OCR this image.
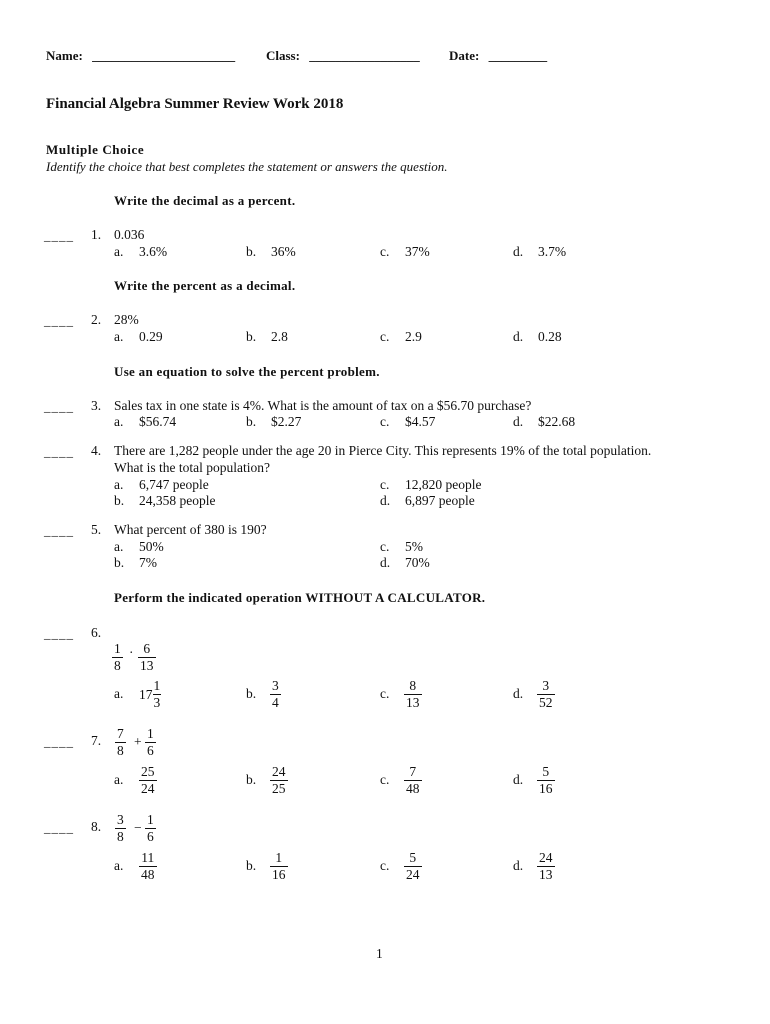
Name: ______________________ Class: _________________ Date: _________
Financial Algebra Summer Review Work 2018
Multiple Choice
Identify the choice that best completes the statement or answers the question.
Write the decimal as a percent.
____ 1. 0.036
a. 3.6%	b. 36%	c. 37%	d. 3.7%
Write the percent as a decimal.
____ 2. 28%
a. 0.29	b. 2.8	c. 2.9	d. 0.28
Use an equation to solve the percent problem.
____ 3. Sales tax in one state is 4%. What is the amount of tax on a $56.70 purchase?
a. $56.74	b. $2.27	c. $4.57	d. $22.68
____ 4. There are 1,282 people under the age 20 in Pierce City. This represents 19% of the total population.
What is the total population?
a. 6,747 people
b. 24,358 people
c. 12,820 people
d. 6,897 people
____ 5. What percent of 380 is 190?
a. 50%
b. 7%
c. 5%
d. 70%
Perform the indicated operation WITHOUT A CALCULATOR.
____ 6.
$\frac{1}{8} \cdot \frac{6}{13}$
a. $17 \frac{1}{3}$	b. $\frac{3}{4}$	c. $\frac{8}{13}$	d. $\frac{3}{52}$
____ 7. $\frac{7}{8} + \frac{1}{6}$
a. $\frac{25}{24}$	b. $\frac{24}{25}$	c. $\frac{7}{48}$	d. $\frac{5}{16}$
____ 8. $\frac{3}{8} - \frac{1}{6}$
a. $\frac{11}{48}$	b. $\frac{1}{16}$	c. $\frac{5}{24}$	d. $\frac{24}{13}$
1
